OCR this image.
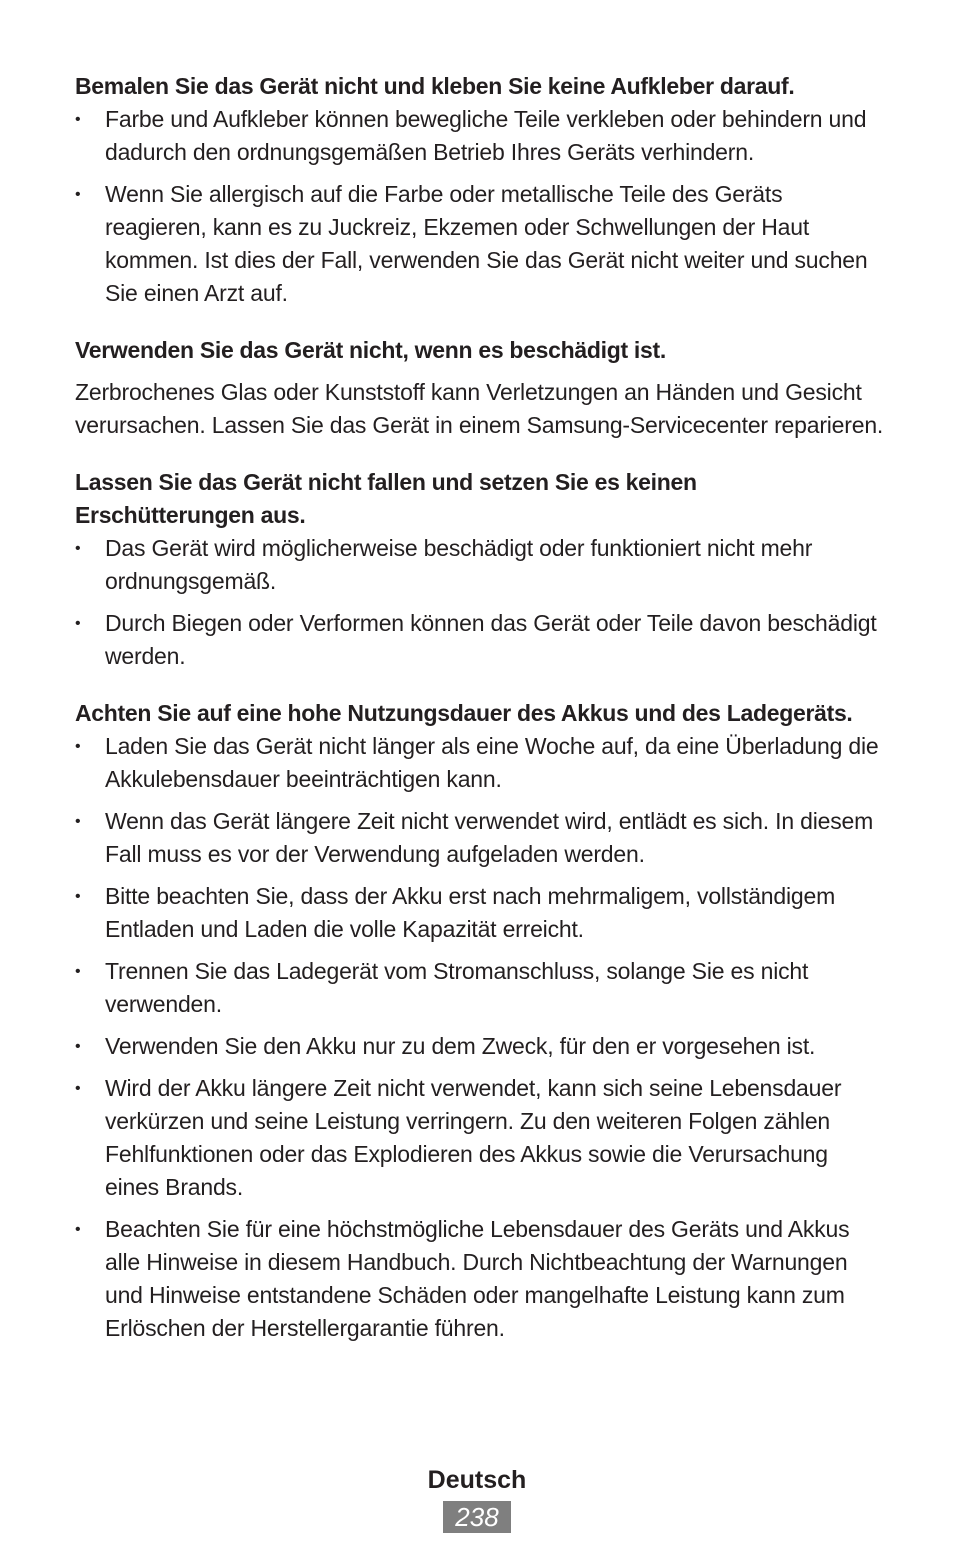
Bemalen Sie das Gerät nicht und kleben Sie keine Aufkleber darauf.

• Farbe und Aufkleber können bewegliche Teile verkleben oder behindern und dadurch den ordnungsgemäßen Betrieb Ihres Geräts verhindern.
• Wenn Sie allergisch auf die Farbe oder metallische Teile des Geräts reagieren, kann es zu Juckreiz, Ekzemen oder Schwellungen der Haut kommen. Ist dies der Fall, verwenden Sie das Gerät nicht weiter und suchen Sie einen Arzt auf.

Verwenden Sie das Gerät nicht, wenn es beschädigt ist.

Zerbrochenes Glas oder Kunststoff kann Verletzungen an Händen und Gesicht verursachen. Lassen Sie das Gerät in einem Samsung-Servicecenter reparieren.

Lassen Sie das Gerät nicht fallen und setzen Sie es keinen Erschütterungen aus.

• Das Gerät wird möglicherweise beschädigt oder funktioniert nicht mehr ordnungsgemäß.
• Durch Biegen oder Verformen können das Gerät oder Teile davon beschädigt werden.

Achten Sie auf eine hohe Nutzungsdauer des Akkus und des Ladegeräts.

• Laden Sie das Gerät nicht länger als eine Woche auf, da eine Überladung die Akkulebensdauer beeinträchtigen kann.
• Wenn das Gerät längere Zeit nicht verwendet wird, entlädt es sich. In diesem Fall muss es vor der Verwendung aufgeladen werden.
• Bitte beachten Sie, dass der Akku erst nach mehrmaligem, vollständigem Entladen und Laden die volle Kapazität erreicht.
• Trennen Sie das Ladegerät vom Stromanschluss, solange Sie es nicht verwenden.
• Verwenden Sie den Akku nur zu dem Zweck, für den er vorgesehen ist.
• Wird der Akku längere Zeit nicht verwendet, kann sich seine Lebensdauer verkürzen und seine Leistung verringern. Zu den weiteren Folgen zählen Fehlfunktionen oder das Explodieren des Akkus sowie die Verursachung eines Brands.
• Beachten Sie für eine höchstmögliche Lebensdauer des Geräts und Akkus alle Hinweise in diesem Handbuch. Durch Nichtbeachtung der Warnungen und Hinweise entstandene Schäden oder mangelhafte Leistung kann zum Erlöschen der Herstellergarantie führen.

Deutsch

238
